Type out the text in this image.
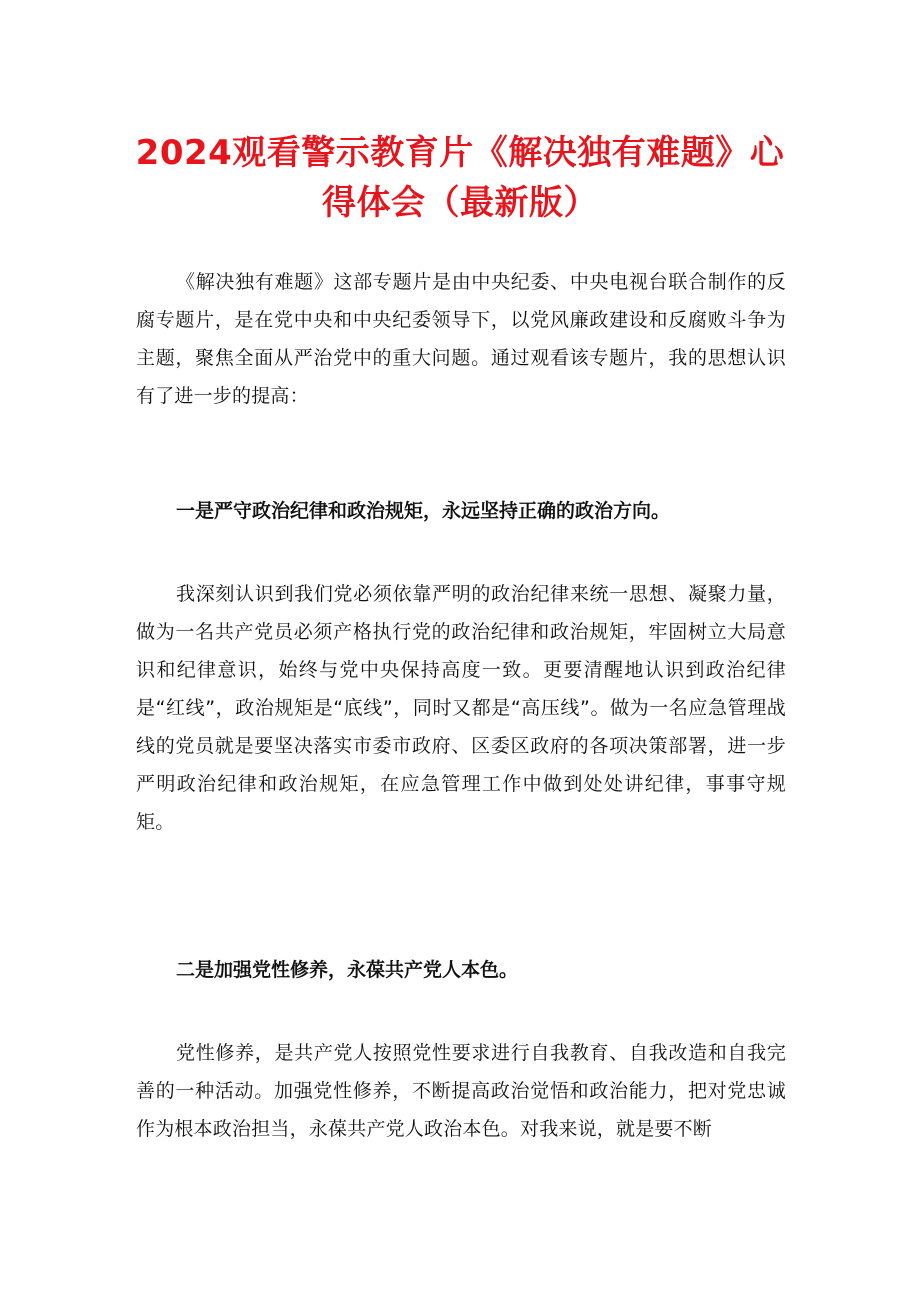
2024观看警示教育片《解决独有难题》心
得体会（最新版）

《解决独有难题》这部专题片是由中央纪委、中央电视台联合制作的反腐专题片，是在党中央和中央纪委领导下，以党风廉政建设和反腐败斗争为主题，聚焦全面从严治党中的重大问题。通过观看该专题片，我的思想认识有了进一步的提高：

一是严守政治纪律和政治规矩，永远坚持正确的政治方向。

我深刻认识到我们党必须依靠严明的政治纪律来统一思想、凝聚力量，做为一名共产党员必须产格执行党的政治纪律和政治规矩，牢固树立大局意识和纪律意识，始终与党中央保持高度一致。更要清醒地认识到政治纪律是“红线”，政治规矩是“底线”，同时又都是“高压线”。做为一名应急管理战线的党员就是要坚决落实市委市政府、区委区政府的各项决策部署，进一步严明政治纪律和政治规矩，在应急管理工作中做到处处讲纪律，事事守规矩。

二是加强党性修养，永葆共产党人本色。

党性修养，是共产党人按照党性要求进行自我教育、自我改造和自我完善的一种活动。加强党性修养，不断提高政治觉悟和政治能力，把对党忠诚作为根本政治担当，永葆共产党人政治本色。对我来说，就是要不断
